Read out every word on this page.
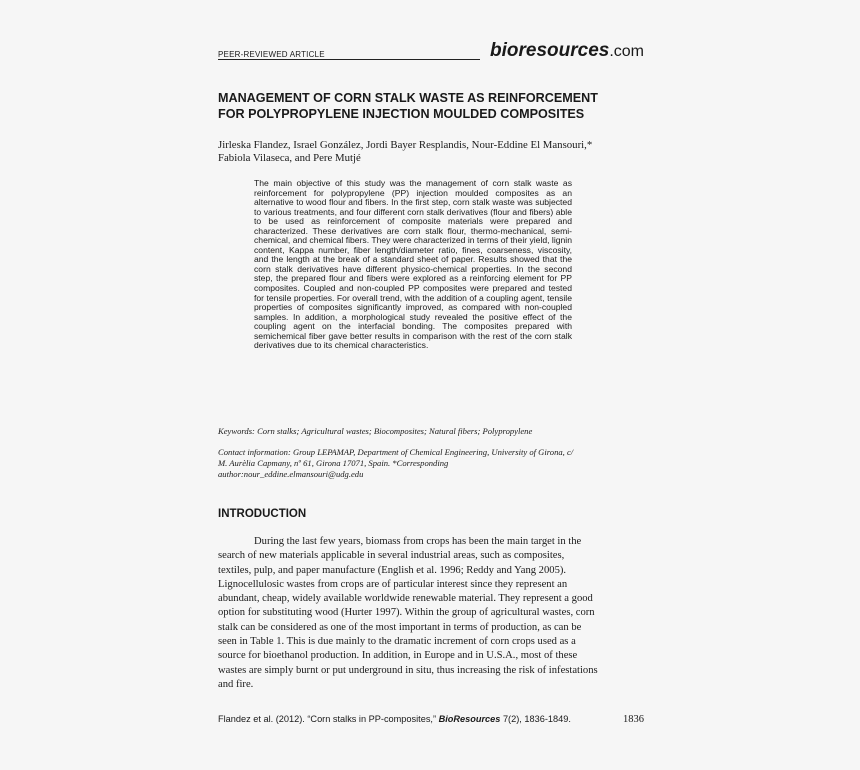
PEER-REVIEWED ARTICLE	bioresources.com
MANAGEMENT OF CORN STALK WASTE AS REINFORCEMENT
FOR POLYPROPYLENE INJECTION MOULDED COMPOSITES
Jirleska Flandez, Israel González, Jordi Bayer Resplandis, Nour-Eddine El Mansouri,*
Fabiola Vilaseca, and Pere Mutjé
The main objective of this study was the management of corn stalk waste as reinforcement for polypropylene (PP) injection moulded composites as an alternative to wood flour and fibers. In the first step, corn stalk waste was subjected to various treatments, and four different corn stalk derivatives (flour and fibers) able to be used as reinforcement of composite materials were prepared and characterized. These derivatives are corn stalk flour, thermo-mechanical, semi-chemical, and chemical fibers. They were characterized in terms of their yield, lignin content, Kappa number, fiber length/diameter ratio, fines, coarseness, viscosity, and the length at the break of a standard sheet of paper. Results showed that the corn stalk derivatives have different physico-chemical properties. In the second step, the prepared flour and fibers were explored as a reinforcing element for PP composites. Coupled and non-coupled PP composites were prepared and tested for tensile properties. For overall trend, with the addition of a coupling agent, tensile properties of composites significantly improved, as compared with non-coupled samples. In addition, a morphological study revealed the positive effect of the coupling agent on the interfacial bonding. The composites prepared with semichemical fiber gave better results in comparison with the rest of the corn stalk derivatives due to its chemical characteristics.
Keywords: Corn stalks; Agricultural wastes; Biocomposites; Natural fibers; Polypropylene
Contact information: Group LEPAMAP, Department of Chemical Engineering, University of Girona, c/
M. Aurèlia Capmany, nº 61, Girona 17071, Spain. *Corresponding
author:nour_eddine.elmansouri@udg.edu
INTRODUCTION
During the last few years, biomass from crops has been the main target in the
search of new materials applicable in several industrial areas, such as composites,
textiles, pulp, and paper manufacture (English et al. 1996; Reddy and Yang 2005).
Lignocellulosic wastes from crops are of particular interest since they represent an
abundant, cheap, widely available worldwide renewable material. They represent a good
option for substituting wood (Hurter 1997). Within the group of agricultural wastes, corn
stalk can be considered as one of the most important in terms of production, as can be
seen in Table 1. This is due mainly to the dramatic increment of corn crops used as a
source for bioethanol production. In addition, in Europe and in U.S.A., most of these
wastes are simply burnt or put underground in situ, thus increasing the risk of infestations
and fire.
Flandez et al. (2012). “Corn stalks in PP-composites,” BioResources 7(2), 1836-1849.	1836
